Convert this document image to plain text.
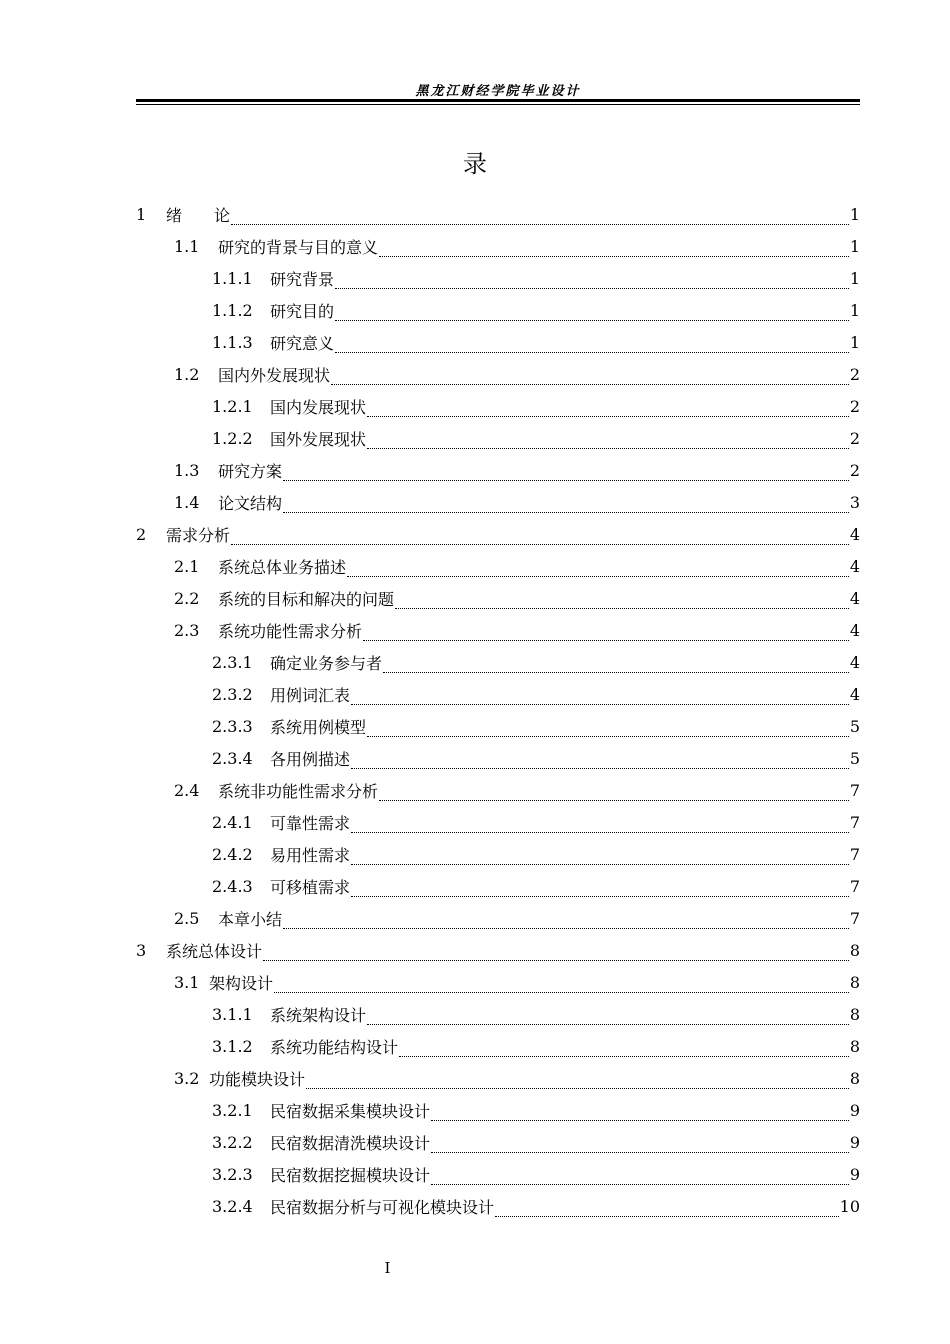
黑龙江财经学院毕业设计
录
1	绪　　论	1
1.1	研究的背景与目的意义	1
1.1.1	研究背景	1
1.1.2	研究目的	1
1.1.3	研究意义	1
1.2	国内外发展现状	2
1.2.1	国内发展现状	2
1.2.2	国外发展现状	2
1.3	研究方案	2
1.4	论文结构	3
2	需求分析	4
2.1	系统总体业务描述	4
2.2	系统的目标和解决的问题	4
2.3	系统功能性需求分析	4
2.3.1	确定业务参与者	4
2.3.2	用例词汇表	4
2.3.3	系统用例模型	5
2.3.4	各用例描述	5
2.4	系统非功能性需求分析	7
2.4.1	可靠性需求	7
2.4.2	易用性需求	7
2.4.3	可移植需求	7
2.5	本章小结	7
3	系统总体设计	8
3.1 架构设计	8
3.1.1	系统架构设计	8
3.1.2	系统功能结构设计	8
3.2 功能模块设计	8
3.2.1	民宿数据采集模块设计	9
3.2.2	民宿数据清洗模块设计	9
3.2.3	民宿数据挖掘模块设计	9
3.2.4	民宿数据分析与可视化模块设计	10
I
